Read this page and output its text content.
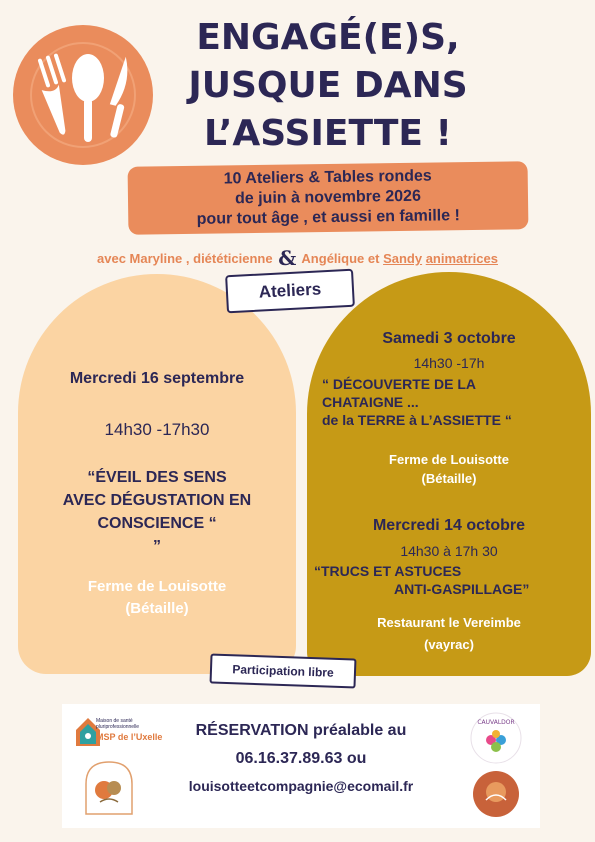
ENGAGÉ(E)S,
JUSQUE DANS
L’ASSIETTE !
10 Ateliers & Tables rondes
de juin à novembre 2026
pour tout âge , et aussi en famille !
avec Maryline , diététicienne & Angélique et Sandy animatrices
Ateliers
Mercredi 16 septembre
14h30 -17h30
“ÉVEIL DES SENS
AVEC DÉGUSTATION EN
CONSCIENCE “
”
Ferme de Louisotte
(Bétaille)
Samedi 3 octobre
14h30 -17h
“ DÉCOUVERTE DE LA
CHATAIGNE ...
de la TERRE à L’ASSIETTE “
Ferme de Louisotte
(Bétaille)
Mercredi 14 octobre
14h30 à 17h 30
“TRUCS ET ASTUCES
ANTI-GASPILLAGE”
Restaurant le Vereimbe
(vayrac)
Participation libre
RÉSERVATION préalable au
06.16.37.89.63 ou
louisotteetcompagnie@ecomail.fr
Maison de santé pluriprofessionnelle
MSP de l’Uxelle
CAUVALDOR
